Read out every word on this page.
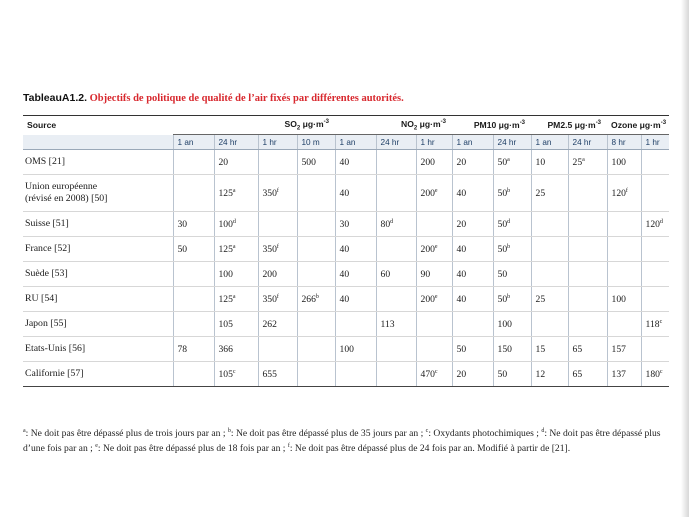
TableauA1.2. Objectifs de politique de qualité de l’air fixés par différentes autorités.
Source	$SO_2$ $\mu g\cdot m^{-3}$				$NO_2$ $\mu g\cdot m^{-3}$			PM10 $\mu g\cdot m^{-3}$		PM2.5 $\mu g\cdot m^{-3}$		Ozone $\mu g\cdot m^{-3}$
	1 an	24 hr	1 hr	10 m	1 an	24 hr	1 hr	1 an	24 hr	1 an	24 hr	8 hr	1 hr

OMS [21]		20		500	40		200	20	50$^a$	10	25$^a$	100	

Union européenne
(révisé en 2008) [50]		125$^a$	350$^f$		40		200e	40	50$^b$	25		120$^f$	

Suisse [51]	30	100$^d$			30	80$^d$		20	50$^d$				120$^d$

France [52]	50	125$^a$	350$^f$		40		200e	40	50$^b$				

Suède [53]		100	200		40	60	90	40	50				

RU [54]		125$^a$	350$^f$	266$^b$	40		200e	40	50$^b$	25		100	

Japon [55]		105	262			113			100				118$^c$

Etats-Unis [56]	78	366			100			50	150	15	65	157	

Californie [57]		105$^c$	655				470$^c$	20	50	12	65	137	180$^c$
$^a$: Ne doit pas être dépassé plus de trois jours par an ; $^b$: Ne doit pas être dépassé plus de 35 jours par an ; $^c$: Oxydants photochimiques ; $^d$: Ne doit pas être dépassé plus d’une fois par an ; $^e$: Ne doit pas être dépassé plus de 18 fois par an ; $^f$: Ne doit pas être dépassé plus de 24 fois par an. Modifié à partir de [21].
